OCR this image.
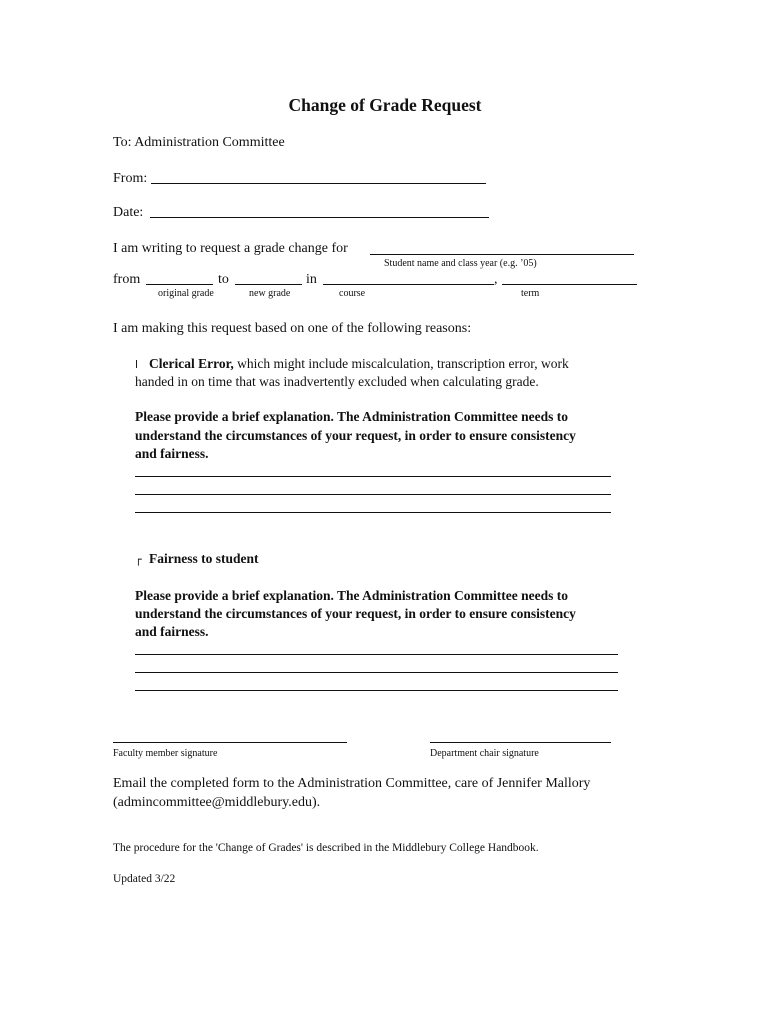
Change of Grade Request
To: Administration Committee
From:
Date:
I am writing to request a grade change for
Student name and class year (e.g. ’05)
from	to	in	,
original grade	new grade	course	term
I am making this request based on one of the following reasons:
l Clerical Error, which might include miscalculation, transcription error, work
handed in on time that was inadvertently excluded when calculating grade.
Please provide a brief explanation. The Administration Committee needs to
understand the circumstances of your request, in order to ensure consistency
and fairness.
┌ Fairness to student
Please provide a brief explanation. The Administration Committee needs to
understand the circumstances of your request, in order to ensure consistency
and fairness.
Faculty member signature	Department chair signature
Email the completed form to the Administration Committee, care of Jennifer Mallory
(admincommittee@middlebury.edu).
The procedure for the 'Change of Grades' is described in the Middlebury College Handbook.
Updated 3/22
